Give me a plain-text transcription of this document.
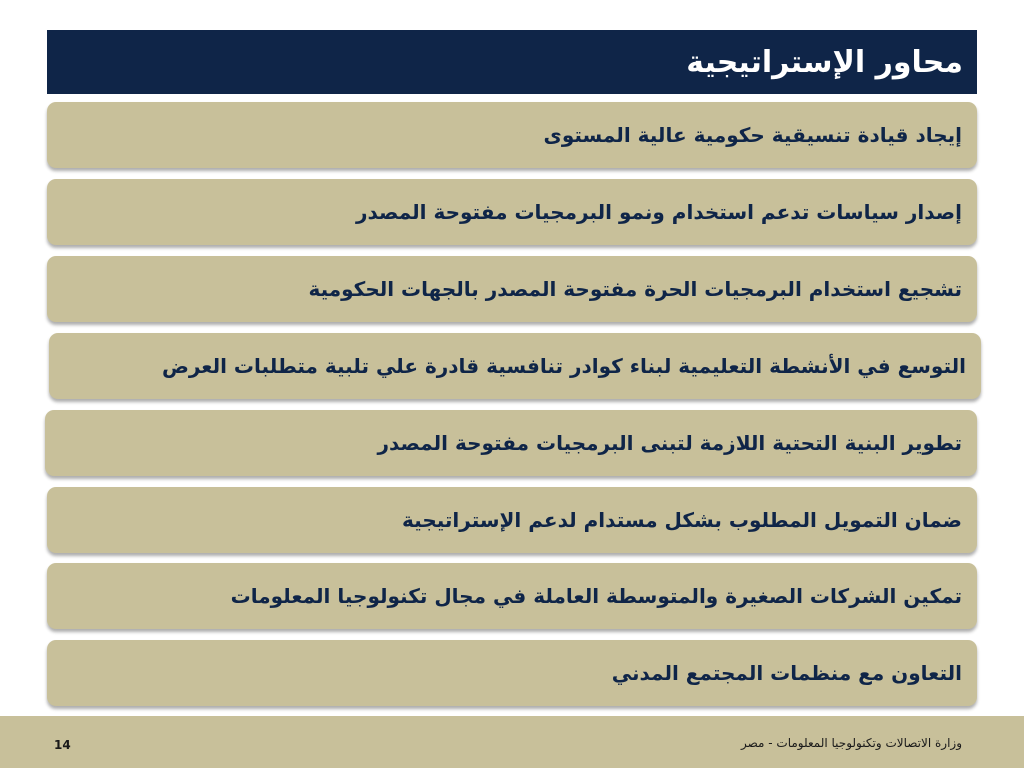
محاور الإستراتيجية
إيجاد قيادة تنسيقية حكومية عالية المستوى
إصدار سياسات تدعم استخدام ونمو البرمجيات مفتوحة المصدر
تشجيع استخدام البرمجيات الحرة مفتوحة المصدر بالجهات الحكومية
التوسع في الأنشطة التعليمية لبناء كوادر تنافسية قادرة علي تلبية متطلبات العرض
تطوير البنية التحتية اللازمة لتبنى البرمجيات مفتوحة المصدر
ضمان التمويل المطلوب بشكل مستدام لدعم الإستراتيجية
تمكين الشركات الصغيرة والمتوسطة العاملة في مجال تكنولوجيا المعلومات
التعاون مع منظمات المجتمع المدني
14	وزارة الاتصالات وتكنولوجيا المعلومات - مصر
